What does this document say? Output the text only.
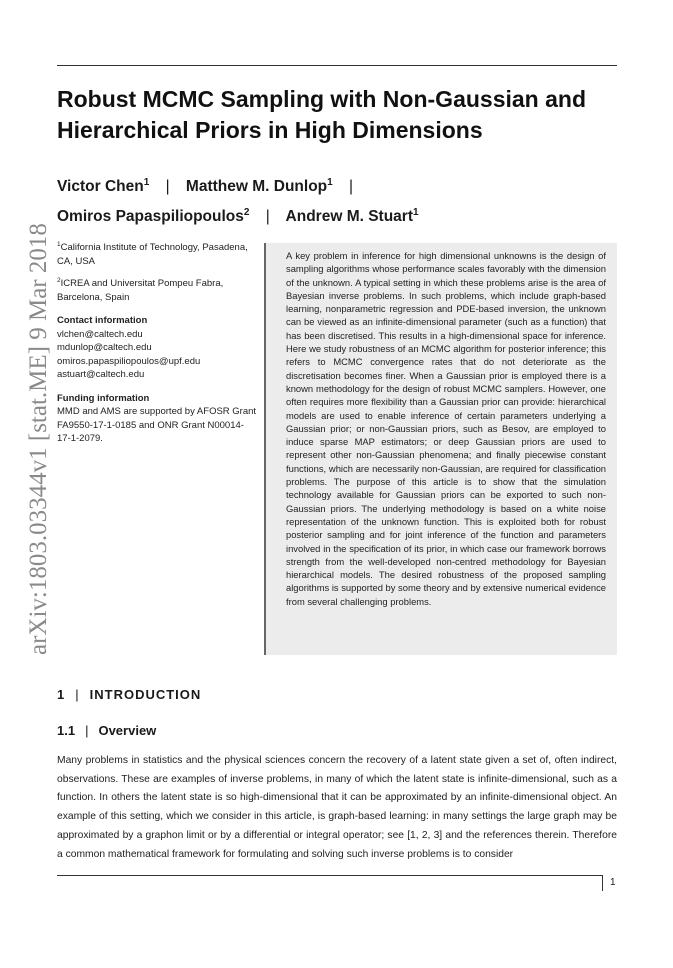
arXiv:1803.03344v1 [stat.ME] 9 Mar 2018
Robust MCMC Sampling with Non-Gaussian and Hierarchical Priors in High Dimensions
Victor Chen$^1$ | Matthew M. Dunlop$^1$ |
Omiros Papaspiliopoulos$^2$ | Andrew M. Stuart$^1$

$^1$California Institute of Technology, Pasadena, CA, USA

$^2$ICREA and Universitat Pompeu Fabra, Barcelona, Spain

Contact information

vlchen@caltech.edu

mdunlop@caltech.edu

omiros.papaspiliopoulos@upf.edu

astuart@caltech.edu

Funding information

MMD and AMS are supported by AFOSR Grant FA9550-17-1-0185 and ONR Grant N00014-17-1-2079.

A key problem in inference for high dimensional unknowns is the design of sampling algorithms whose performance scales favorably with the dimension of the unknown. A typical setting in which these problems arise is the area of Bayesian inverse problems. In such problems, which include graph-based learning, nonparametric regression and PDE-based inversion, the unknown can be viewed as an infinite-dimensional parameter (such as a function) that has been discretised. This results in a high-dimensional space for inference. Here we study robustness of an MCMC algorithm for posterior inference; this refers to MCMC convergence rates that do not deteriorate as the discretisation becomes finer. When a Gaussian prior is employed there is a known methodology for the design of robust MCMC samplers. However, one often requires more flexibility than a Gaussian prior can provide: hierarchical models are used to enable inference of certain parameters underlying a Gaussian prior; or non-Gaussian priors, such as Besov, are employed to induce sparse MAP estimators; or deep Gaussian priors are used to represent other non-Gaussian phenomena; and finally piecewise constant functions, which are necessarily non-Gaussian, are required for classification problems. The purpose of this article is to show that the simulation technology available for Gaussian priors can be exported to such non-Gaussian priors. The underlying methodology is based on a white noise representation of the unknown function. This is exploited both for robust posterior sampling and for joint inference of the function and parameters involved in the specification of its prior, in which case our framework borrows strength from the well-developed non-centred methodology for Bayesian hierarchical models. The desired robustness of the proposed sampling algorithms is supported by some theory and by extensive numerical evidence from several challenging problems.

1 | INTRODUCTION
1.1 | Overview

Many problems in statistics and the physical sciences concern the recovery of a latent state given a set of, often indirect, observations. These are examples of inverse problems, in many of which the latent state is infinite-dimensional, such as a function. In others the latent state is so high-dimensional that it can be approximated by an infinite-dimensional object. An example of this setting, which we consider in this article, is graph-based learning: in many settings the large graph may be approximated by a graphon limit or by a differential or integral operator; see [1, 2, 3] and the references therein. Therefore a common mathematical framework for formulating and solving such inverse problems is to consider

1
